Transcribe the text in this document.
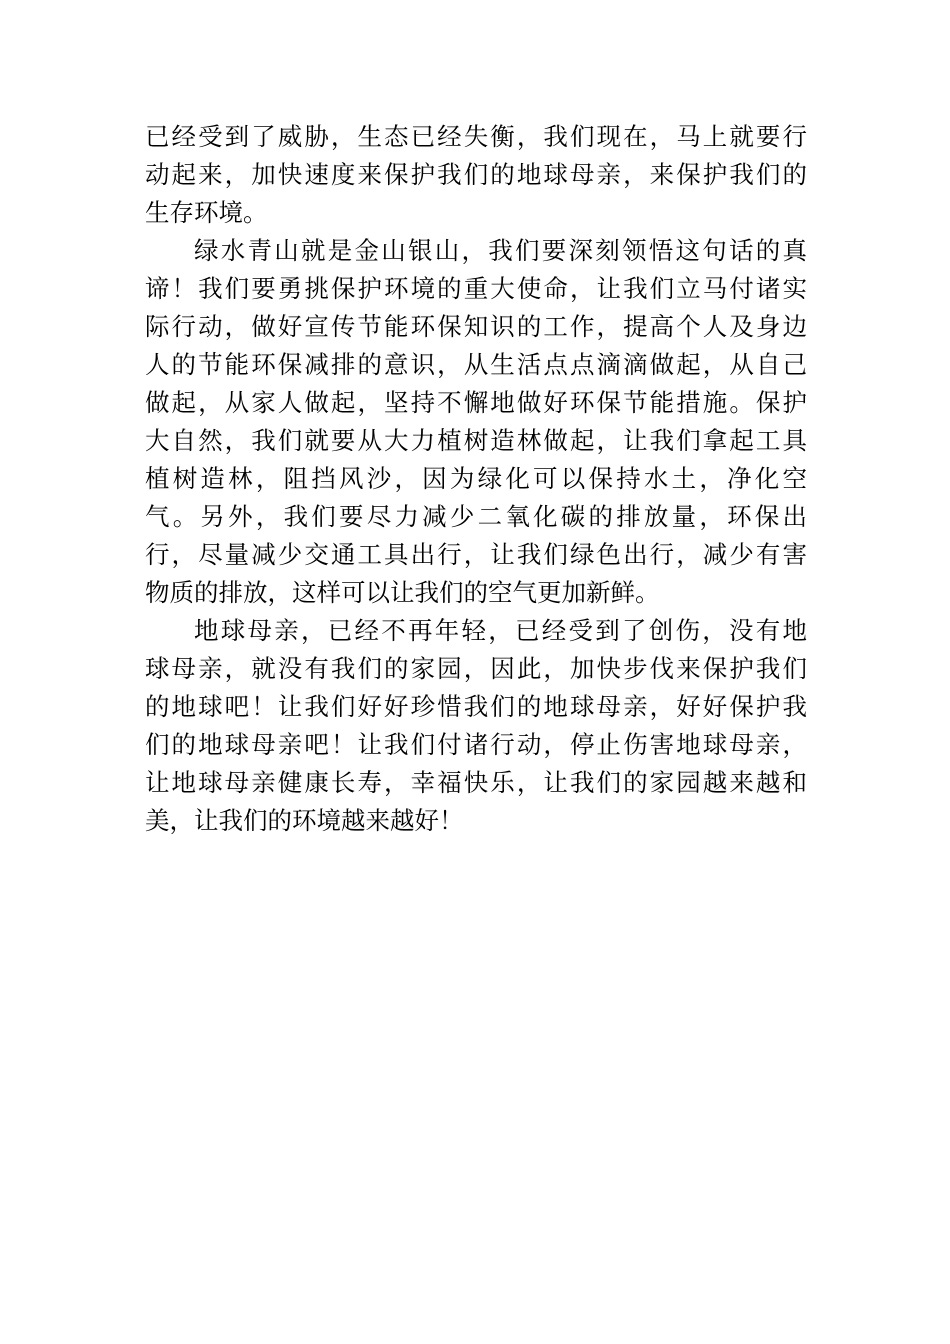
已经受到了威胁，生态已经失衡，我们现在，马上就要行
动起来，加快速度来保护我们的地球母亲，来保护我们的
生存环境。
绿水青山就是金山银山，我们要深刻领悟这句话的真
谛！我们要勇挑保护环境的重大使命，让我们立马付诸实
际行动，做好宣传节能环保知识的工作，提高个人及身边
人的节能环保减排的意识，从生活点点滴滴做起，从自己
做起，从家人做起，坚持不懈地做好环保节能措施。保护
大自然，我们就要从大力植树造林做起，让我们拿起工具
植树造林，阻挡风沙，因为绿化可以保持水土，净化空
气。另外，我们要尽力减少二氧化碳的排放量，环保出
行，尽量减少交通工具出行，让我们绿色出行，减少有害
物质的排放，这样可以让我们的空气更加新鲜。
地球母亲，已经不再年轻，已经受到了创伤，没有地
球母亲，就没有我们的家园，因此，加快步伐来保护我们
的地球吧！让我们好好珍惜我们的地球母亲，好好保护我
们的地球母亲吧！让我们付诸行动，停止伤害地球母亲，
让地球母亲健康长寿，幸福快乐，让我们的家园越来越和
美，让我们的环境越来越好！
